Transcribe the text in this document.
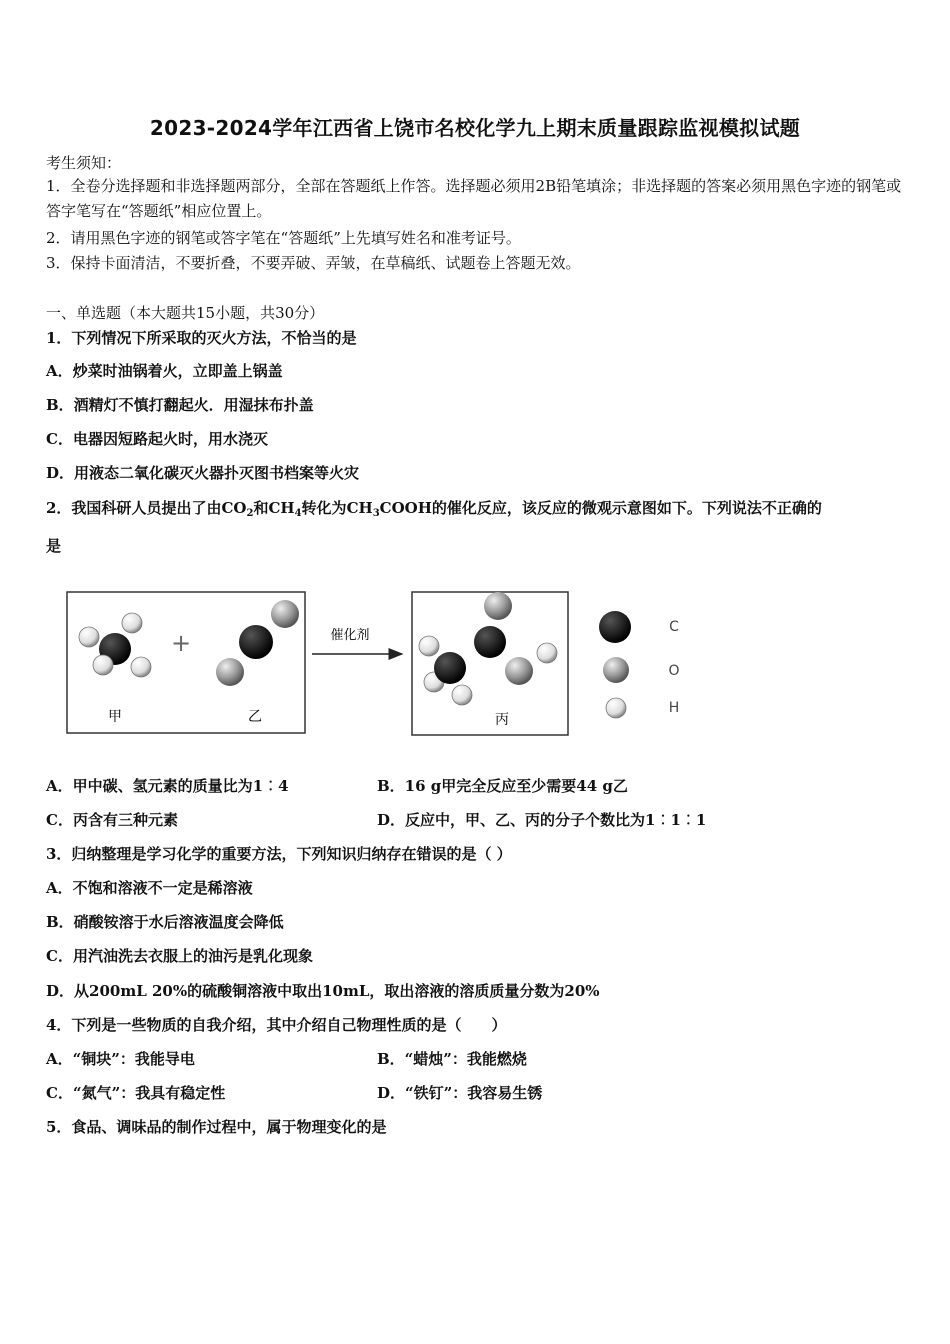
2023-2024学年江西省上饶市名校化学九上期末质量跟踪监视模拟试题
考生须知：
1．全卷分选择题和非选择题两部分，全部在答题纸上作答。选择题必须用2B铅笔填涂；非选择题的答案必须用黑色字迹的钢笔或答字笔写在“答题纸”相应位置上。
2．请用黑色字迹的钢笔或答字笔在“答题纸”上先填写姓名和准考证号。
3．保持卡面清洁，不要折叠，不要弄破、弄皱，在草稿纸、试题卷上答题无效。
一、单选题（本大题共15小题，共30分）
1．下列情况下所采取的灭火方法，不恰当的是
A．炒菜时油锅着火，立即盖上锅盖
B．酒精灯不慎打翻起火．用湿抹布扑盖
C．电器因短路起火时，用水浇灭
D．用液态二氧化碳灭火器扑灭图书档案等火灾
2．我国科研人员提出了由$CO_2$和$CH_4$转化为$CH_3COOH$的催化反应，该反应的微观示意图如下。下列说法不正确的
是
+
甲	乙
催化剂
丙
C
O
H
A．甲中碳、氢元素的质量比为1︰4	B．16 g甲完全反应至少需要44 g乙
C．丙含有三种元素	D．反应中，甲、乙、丙的分子个数比为1︰1︰1
3．归纳整理是学习化学的重要方法，下列知识归纳存在错误的是（ ）
A．不饱和溶液不一定是稀溶液
B．硝酸铵溶于水后溶液温度会降低
C．用汽油洗去衣服上的油污是乳化现象
D．从200mL 20%的硫酸铜溶液中取出10mL，取出溶液的溶质质量分数为20%
4．下列是一些物质的自我介绍，其中介绍自己物理性质的是（　　）
A．“铜块”：我能导电	B．“蜡烛”：我能燃烧
C．“氮气”：我具有稳定性	D．“铁钉”：我容易生锈
5．食品、调味品的制作过程中，属于物理变化的是
